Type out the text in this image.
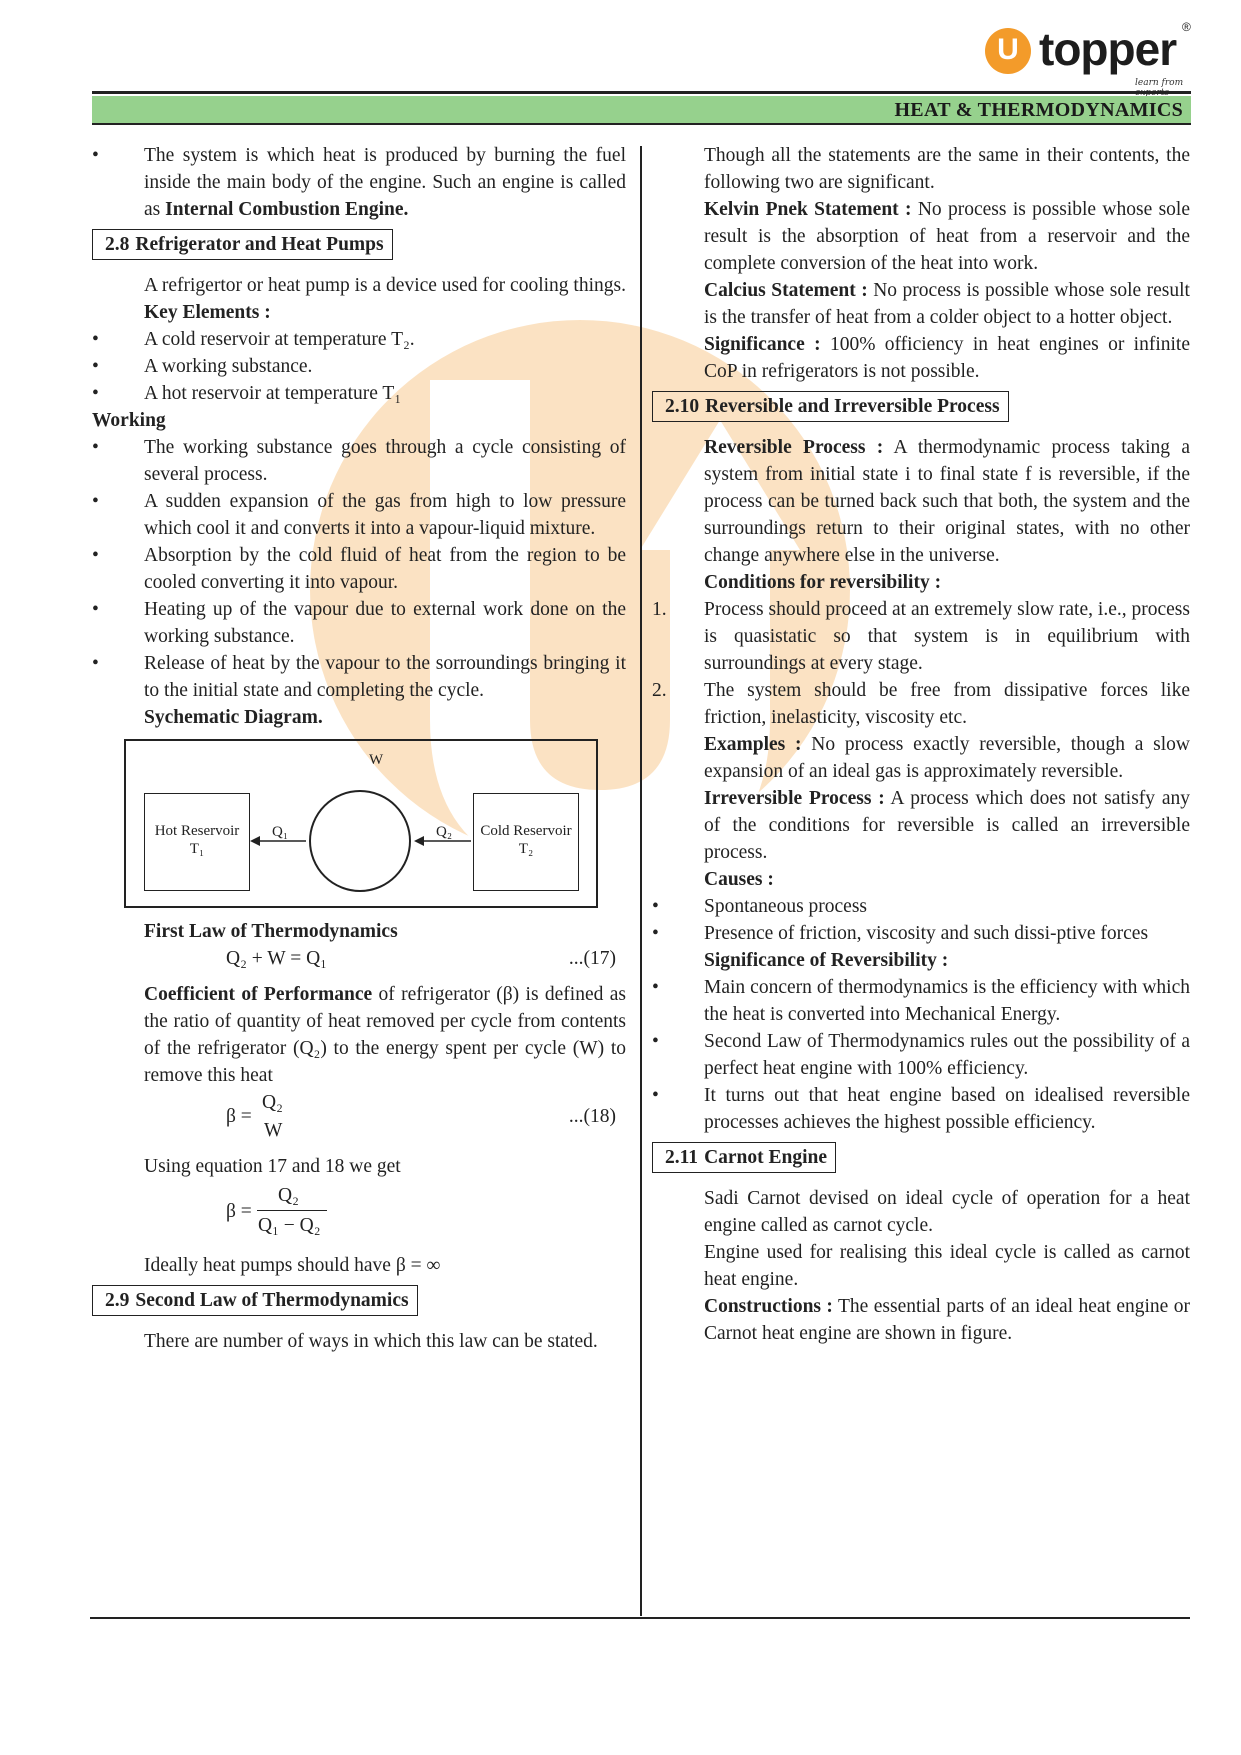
U topper
learn from
®
HEAT & THERMODYNAMICS

•	The system is which heat is produced by burning the fuel inside the main body of the engine. Such an engine is called as Internal Combustion Engine.

2.8 Refrigerator and Heat Pumps

A refrigertor or heat pump is a device used for cooling things.

Key Elements :

•	A cold reservoir at temperature T₂.

•	A working substance.

•	A hot reservoir at temperature T₁

Working

•	The working substance goes through a cycle consisting of several process.

•	A sudden expansion of the gas from high to low pressure which cool it and converts it into a vapour-liquid mixture.

•	Absorption by the cold fluid of heat from the region to be cooled converting it into vapour.

•	Heating up of the vapour due to external work done on the working substance.

•	Release of heat by the vapour to the sorroundings bringing it to the initial state and completing the cycle.

Sychematic Diagram.

W
Hot Reservoir
T₁
Cold Reservoir
T₂
Q₁	Q₂

First Law of Thermodynamics

Q₂ + W = Q₁	...(17)

Coefficient of Performance of refrigerator (β) is defined as the ratio of quantity of heat removed per cycle from contents of the refrigerator (Q₂) to the energy spent per cycle (W) to remove this heat

β =
Q₂
W
...(18)

Using equation 17 and 18 we get

β =
Q₂
Q₁ − Q₂

Ideally heat pumps should have β = ∞

2.9 Second Law of Thermodynamics

There are number of ways in which this law can be stated.

Though all the statements are the same in their contents, the following two are significant.

Kelvin Pnek Statement : No process is possible whose sole result is the absorption of heat from a reservoir and the complete conversion of the heat into work.

Calcius Statement : No process is possible whose sole result is the transfer of heat from a colder object to a hotter object.

Significance : 100% officiency in heat engines or infinite CoP in refrigerators is not possible.

2.10 Reversible and Irreversible Process

Reversible Process : A thermodynamic process taking a system from initial state i to final state f is reversible, if the process can be turned back such that both, the system and the surroundings return to their original states, with no other change anywhere else in the universe.

Conditions for reversibility :

1. Process should proceed at an extremely slow rate, i.e., process is quasistatic so that system is in equilibrium with surroundings at every stage.

2. The system should be free from dissipative forces like friction, inelasticity, viscosity etc.

Examples : No process exactly reversible, though a slow expansion of an ideal gas is approximately reversible.

Irreversible Process : A process which does not satisfy any of the conditions for reversible is called an irreversible process.

Causes :

•	Spontaneous process

•	Presence of friction, viscosity and such dissi-ptive forces

Significance of Reversibility :

•	Main concern of thermodynamics is the efficiency with which the heat is converted into Mechanical Energy.

•	Second Law of Thermodynamics rules out the possibility of a perfect heat engine with 100% efficiency.

•	It turns out that heat engine based on idealised reversible processes achieves the highest possible efficiency.

2.11 Carnot Engine

Sadi Carnot devised on ideal cycle of operation for a heat engine called as carnot cycle.

Engine used for realising this ideal cycle is called as carnot heat engine.

Constructions : The essential parts of an ideal heat engine or Carnot heat engine are shown in figure.
